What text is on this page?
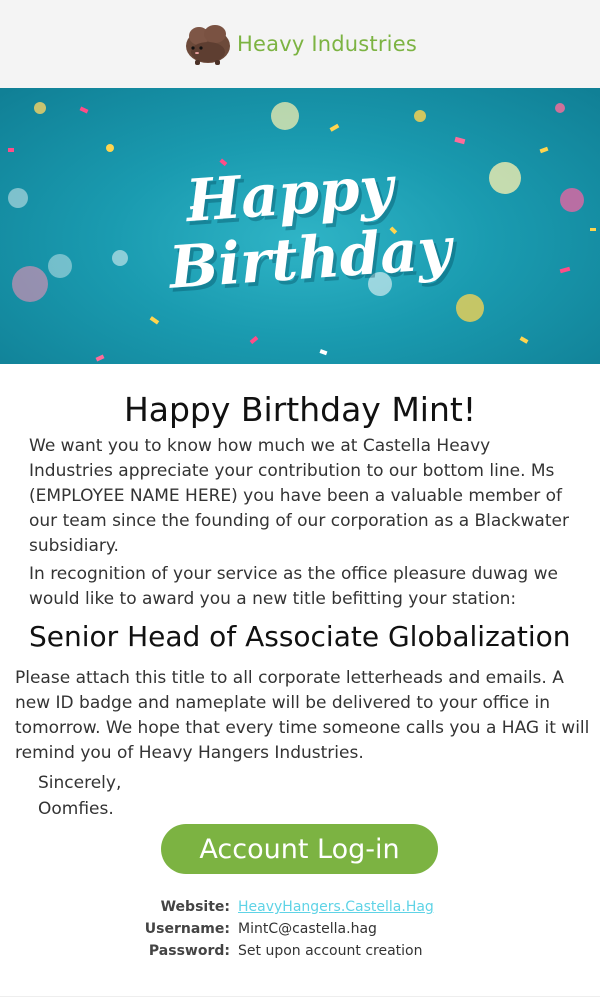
Heavy Industries
Happy
Birthday
Happy Birthday Mint!

We want you to know how much we at Castella Heavy Industries appreciate your contribution to our bottom line. Ms (EMPLOYEE NAME HERE) you have been a valuable member of our team since the founding of our corporation as a Blackwater subsidiary.

In recognition of your service as the office pleasure duwag we would like to award you a new title befitting your station:

Senior Head of Associate Globalization

Please attach this title to all corporate letterheads and emails. A new ID badge and nameplate will be delivered to your office in tomorrow. We hope that every time someone calls you a HAG it will remind you of Heavy Hangers Industries.

Sincerely,
Oomfies.
Account Log-in
Website: HeavyHangers.Castella.Hag
Username: MintC@castella.hag
Password: Set upon account creation
